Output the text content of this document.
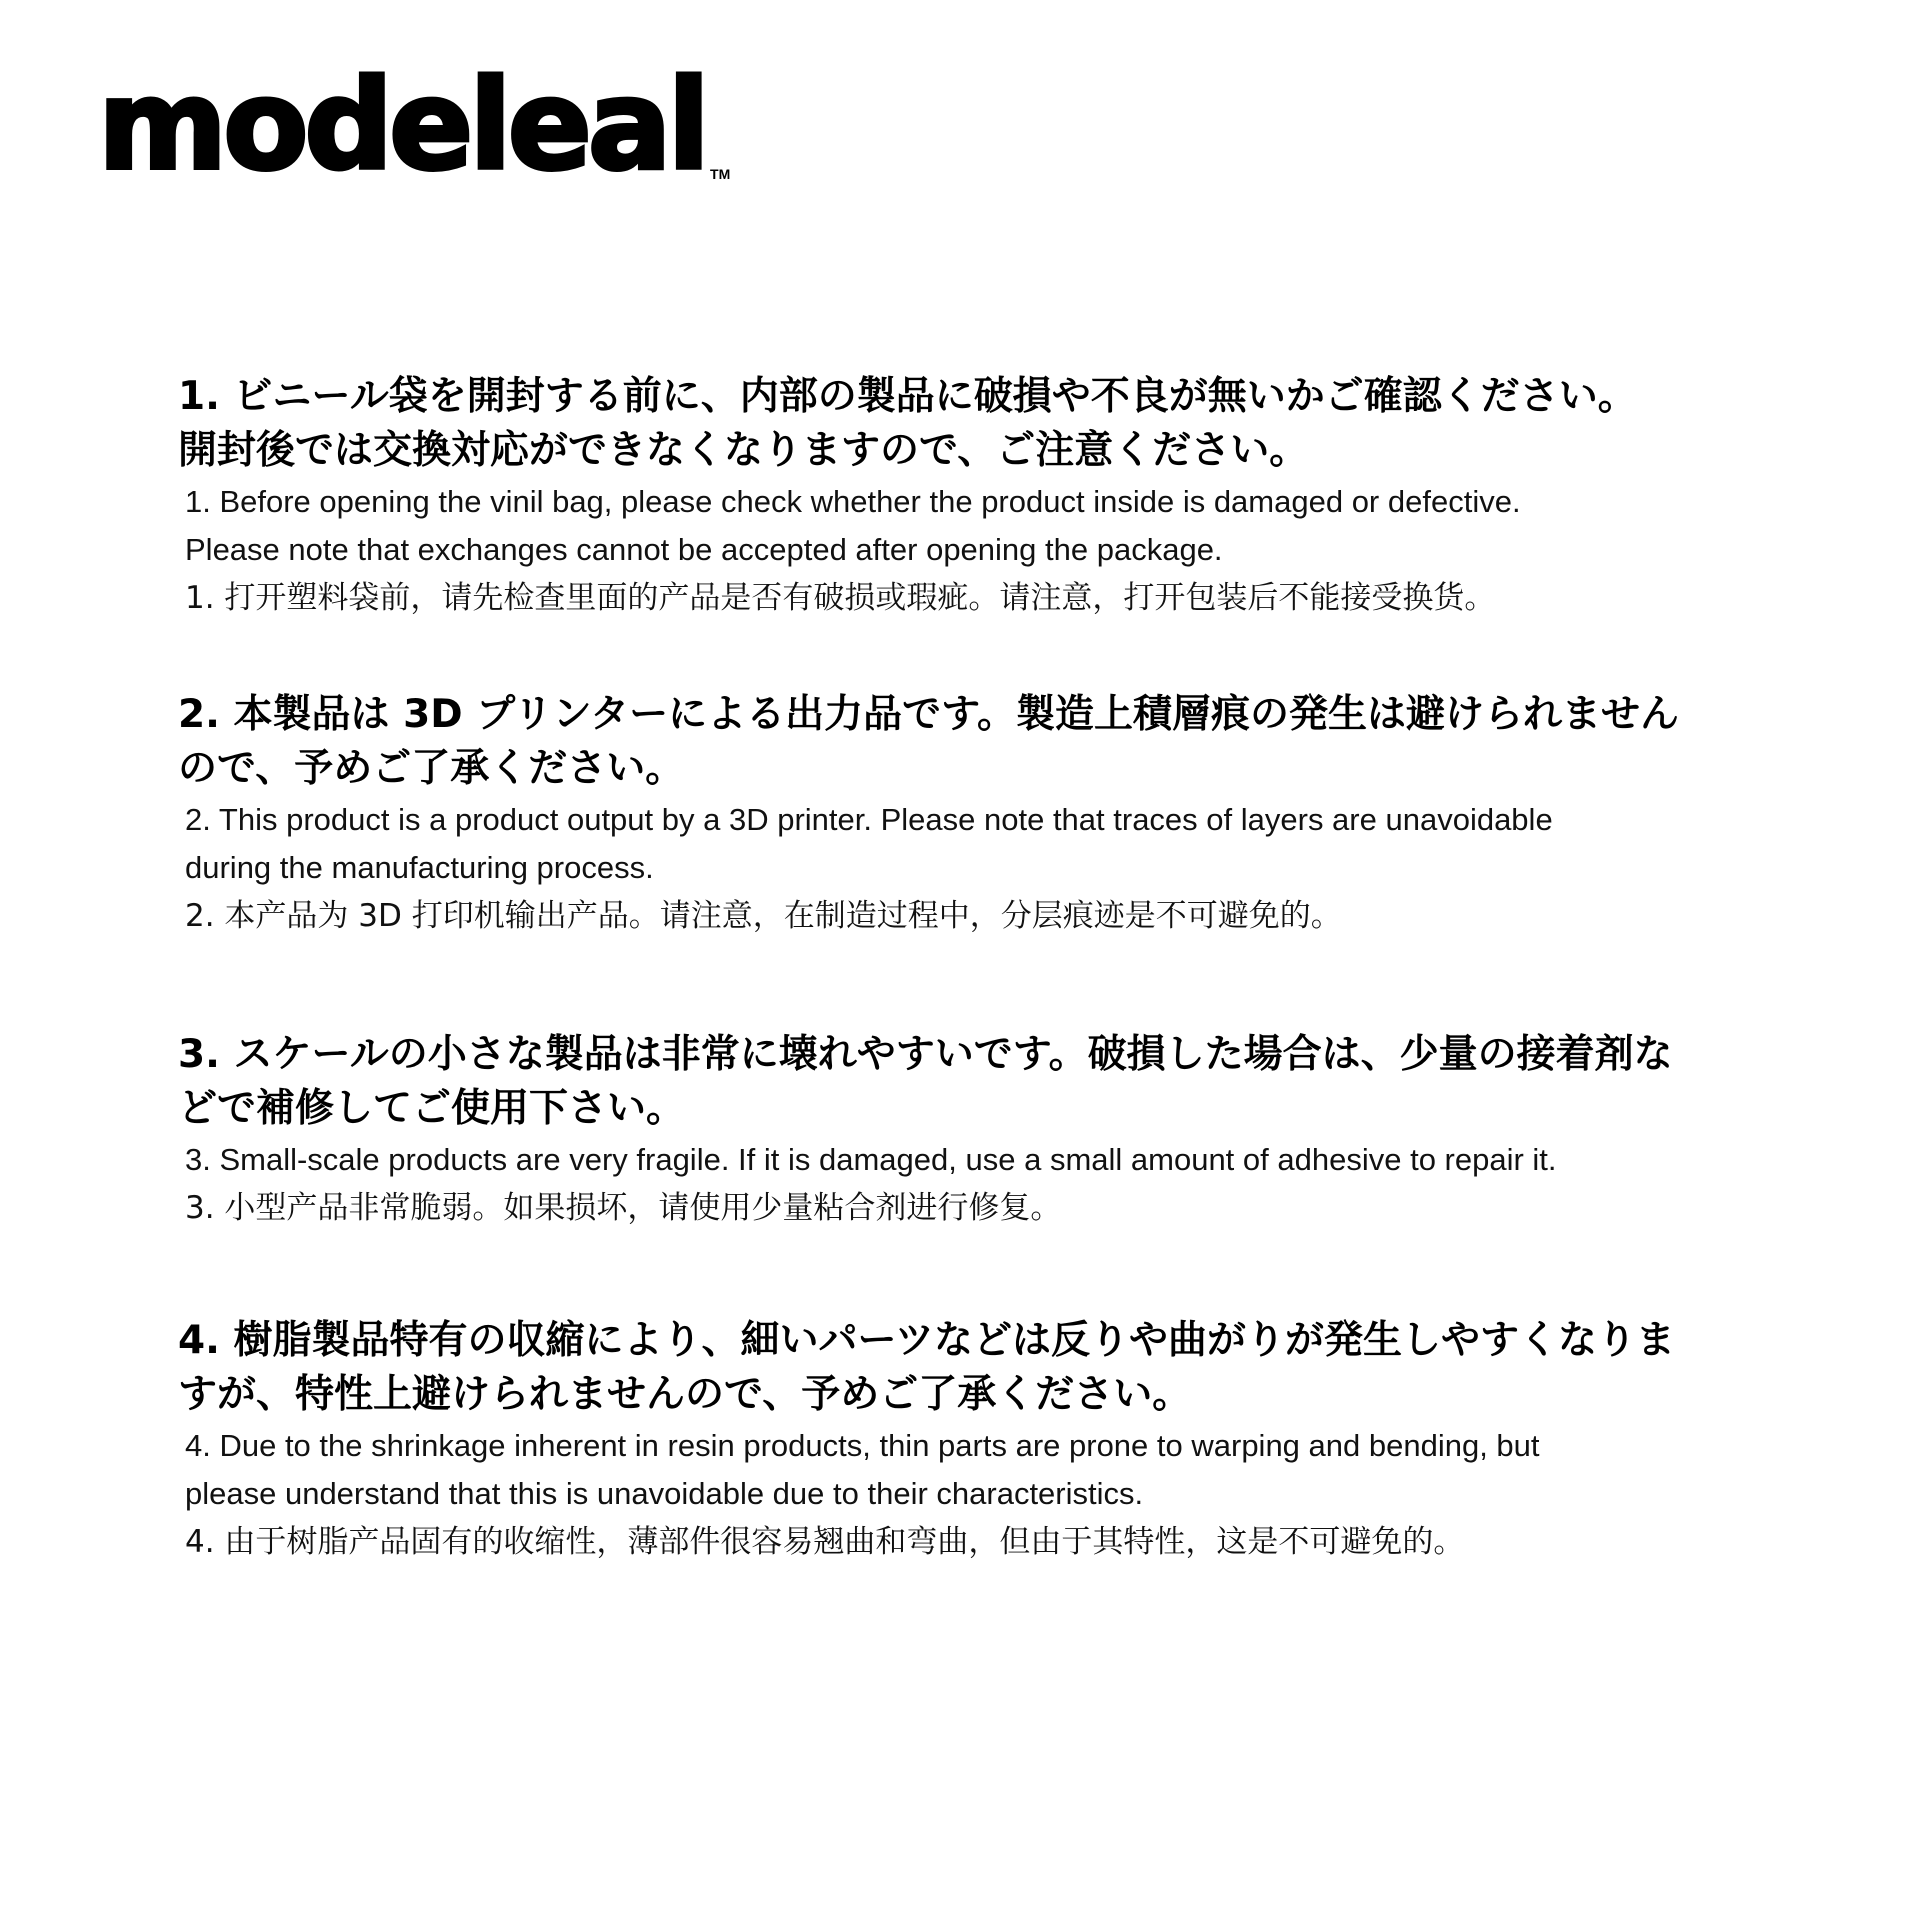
modeleal TM
1. ビニール袋を開封する前に、内部の製品に破損や不良が無いかご確認ください。
開封後では交換対応ができなくなりますので、ご注意ください。
1. Before opening the vinil bag, please check whether the product inside is damaged or defective.
Please note that exchanges cannot be accepted after opening the package.
1. 打开塑料袋前，请先检查里面的产品是否有破损或瑕疵。请注意，打开包装后不能接受换货。
2. 本製品は 3D プリンターによる出力品です。製造上積層痕の発生は避けられません
ので、予めご了承ください。
2. This product is a product output by a 3D printer. Please note that traces of layers are unavoidable
during the manufacturing process.
2. 本产品为 3D 打印机输出产品。请注意，在制造过程中，分层痕迹是不可避免的。
3. スケールの小さな製品は非常に壊れやすいです。破損した場合は、少量の接着剤な
どで補修してご使用下さい。
3. Small-scale products are very fragile. If it is damaged, use a small amount of adhesive to repair it.
3. 小型产品非常脆弱。如果损坏，请使用少量粘合剂进行修复。
4. 樹脂製品特有の収縮により、細いパーツなどは反りや曲がりが発生しやすくなりま
すが、特性上避けられませんので、予めご了承ください。
4. Due to the shrinkage inherent in resin products, thin parts are prone to warping and bending, but
please understand that this is unavoidable due to their characteristics.
4. 由于树脂产品固有的收缩性，薄部件很容易翘曲和弯曲，但由于其特性，这是不可避免的。
